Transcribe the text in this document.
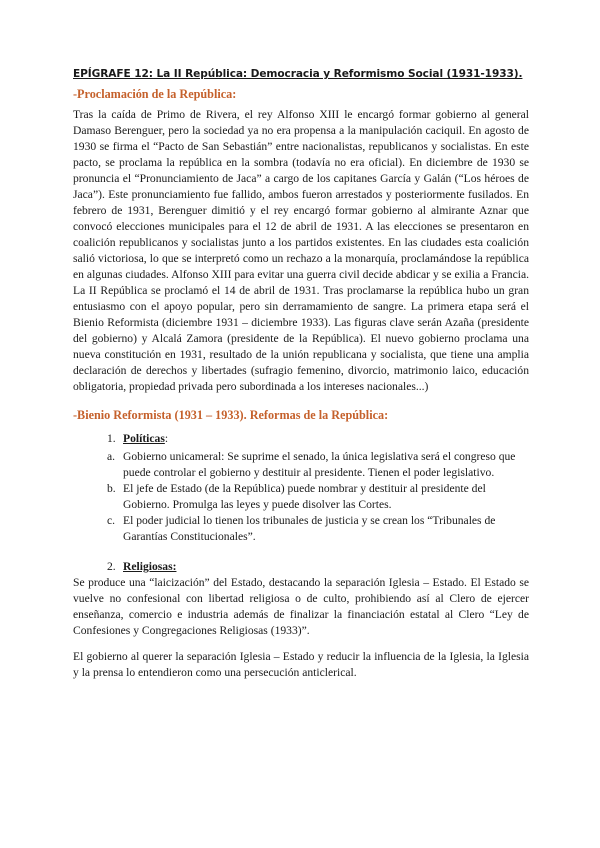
EPÍGRAFE 12: La II República: Democracia y Reformismo Social (1931-1933).
-Proclamación de la República:

Tras la caída de Primo de Rivera, el rey Alfonso XIII le encargó formar gobierno al general Damaso Berenguer, pero la sociedad ya no era propensa a la manipulación caciquil. En agosto de 1930 se firma el “Pacto de San Sebastián” entre nacionalistas, republicanos y socialistas. En este pacto, se proclama la república en la sombra (todavía no era oficial). En diciembre de 1930 se pronuncia el “Pronunciamiento de Jaca” a cargo de los capitanes García y Galán (“Los héroes de Jaca”). Este pronunciamiento fue fallido, ambos fueron arrestados y posteriormente fusilados. En febrero de 1931, Berenguer dimitió y el rey encargó formar gobierno al almirante Aznar que convocó elecciones municipales para el 12 de abril de 1931. A las elecciones se presentaron en coalición republicanos y socialistas junto a los partidos existentes. En las ciudades esta coalición salió victoriosa, lo que se interpretó como un rechazo a la monarquía, proclamándose la república en algunas ciudades. Alfonso XIII para evitar una guerra civil decide abdicar y se exilia a Francia. La II República se proclamó el 14 de abril de 1931. Tras proclamarse la república hubo un gran entusiasmo con el apoyo popular, pero sin derramamiento de sangre. La primera etapa será el Bienio Reformista (diciembre 1931 – diciembre 1933). Las figuras clave serán Azaña (presidente del gobierno) y Alcalá Zamora (presidente de la República). El nuevo gobierno proclama una nueva constitución en 1931, resultado de la unión republicana y socialista, que tiene una amplia declaración de derechos y libertades (sufragio femenino, divorcio, matrimonio laico, educación obligatoria, propiedad privada pero subordinada a los intereses nacionales...)

-Bienio Reformista (1931 – 1933). Reformas de la República:
1. Políticas:
a. Gobierno unicameral: Se suprime el senado, la única legislativa será el congreso que puede controlar el gobierno y destituir al presidente. Tienen el poder legislativo.
b. El jefe de Estado (de la República) puede nombrar y destituir al presidente del Gobierno. Promulga las leyes y puede disolver las Cortes.
c. El poder judicial lo tienen los tribunales de justicia y se crean los “Tribunales de Garantías Constitucionales”.
2. Religiosas:

Se produce una “laicización” del Estado, destacando la separación Iglesia – Estado. El Estado se vuelve no confesional con libertad religiosa o de culto, prohibiendo así al Clero de ejercer enseñanza, comercio e industria además de finalizar la financiación estatal al Clero “Ley de Confesiones y Congregaciones Religiosas (1933)”.

El gobierno al querer la separación Iglesia – Estado y reducir la influencia de la Iglesia, la Iglesia y la prensa lo entendieron como una persecución anticlerical.
